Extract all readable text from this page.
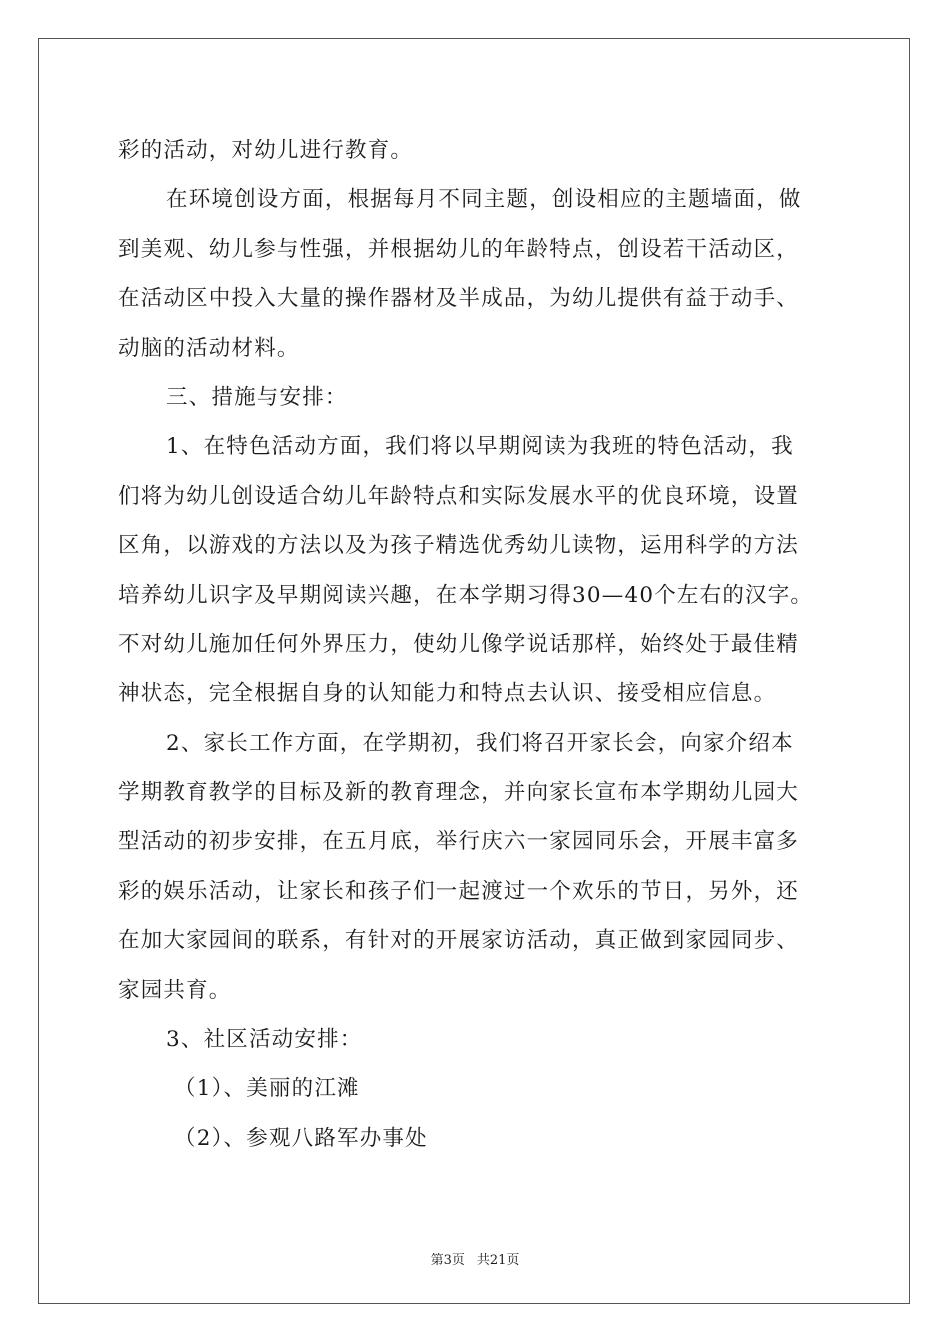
彩的活动，对幼儿进行教育。
在环境创设方面，根据每月不同主题，创设相应的主题墙面，做
到美观、幼儿参与性强，并根据幼儿的年龄特点，创设若干活动区，
在活动区中投入大量的操作器材及半成品，为幼儿提供有益于动手、
动脑的活动材料。
三、措施与安排：
1、在特色活动方面，我们将以早期阅读为我班的特色活动，我
们将为幼儿创设适合幼儿年龄特点和实际发展水平的优良环境，设置
区角，以游戏的方法以及为孩子精选优秀幼儿读物，运用科学的方法
培养幼儿识字及早期阅读兴趣，在本学期习得30—40个左右的汉字。
不对幼儿施加任何外界压力，使幼儿像学说话那样，始终处于最佳精
神状态，完全根据自身的认知能力和特点去认识、接受相应信息。
2、家长工作方面，在学期初，我们将召开家长会，向家介绍本
学期教育教学的目标及新的教育理念，并向家长宣布本学期幼儿园大
型活动的初步安排，在五月底，举行庆六一家园同乐会，开展丰富多
彩的娱乐活动，让家长和孩子们一起渡过一个欢乐的节日，另外，还
在加大家园间的联系，有针对的开展家访活动，真正做到家园同步、
家园共育。
3、社区活动安排：
（1）、美丽的江滩
（2）、参观八路军办事处
第3页 共21页
